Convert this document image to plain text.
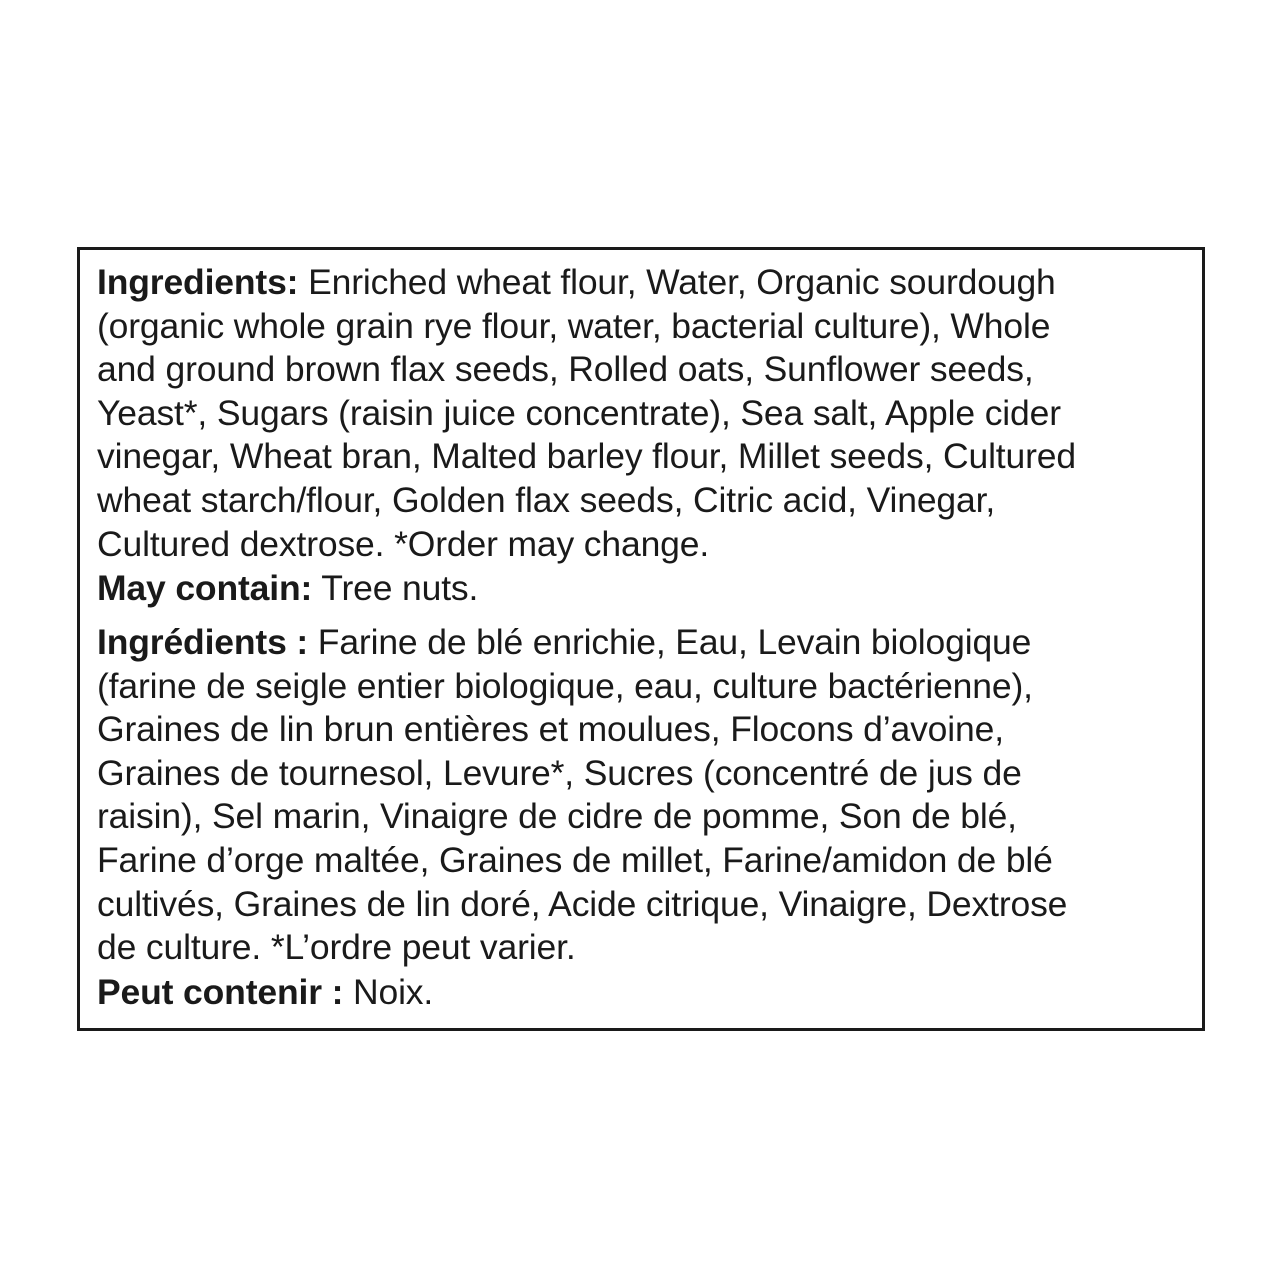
Ingredients: Enriched wheat flour, Water, Organic sourdough
(organic whole grain rye flour, water, bacterial culture), Whole
and ground brown flax seeds, Rolled oats, Sunflower seeds,
Yeast*, Sugars (raisin juice concentrate), Sea salt, Apple cider
vinegar, Wheat bran, Malted barley flour, Millet seeds, Cultured
wheat starch/flour, Golden flax seeds, Citric acid, Vinegar,
Cultured dextrose. *Order may change.

May contain: Tree nuts.

Ingrédients : Farine de blé enrichie, Eau, Levain biologique
(farine de seigle entier biologique, eau, culture bactérienne),
Graines de lin brun entières et moulues, Flocons d’avoine,
Graines de tournesol, Levure*, Sucres (concentré de jus de
raisin), Sel marin, Vinaigre de cidre de pomme, Son de blé,
Farine d’orge maltée, Graines de millet, Farine/amidon de blé
cultivés, Graines de lin doré, Acide citrique, Vinaigre, Dextrose
de culture. *L’ordre peut varier.

Peut contenir : Noix.
